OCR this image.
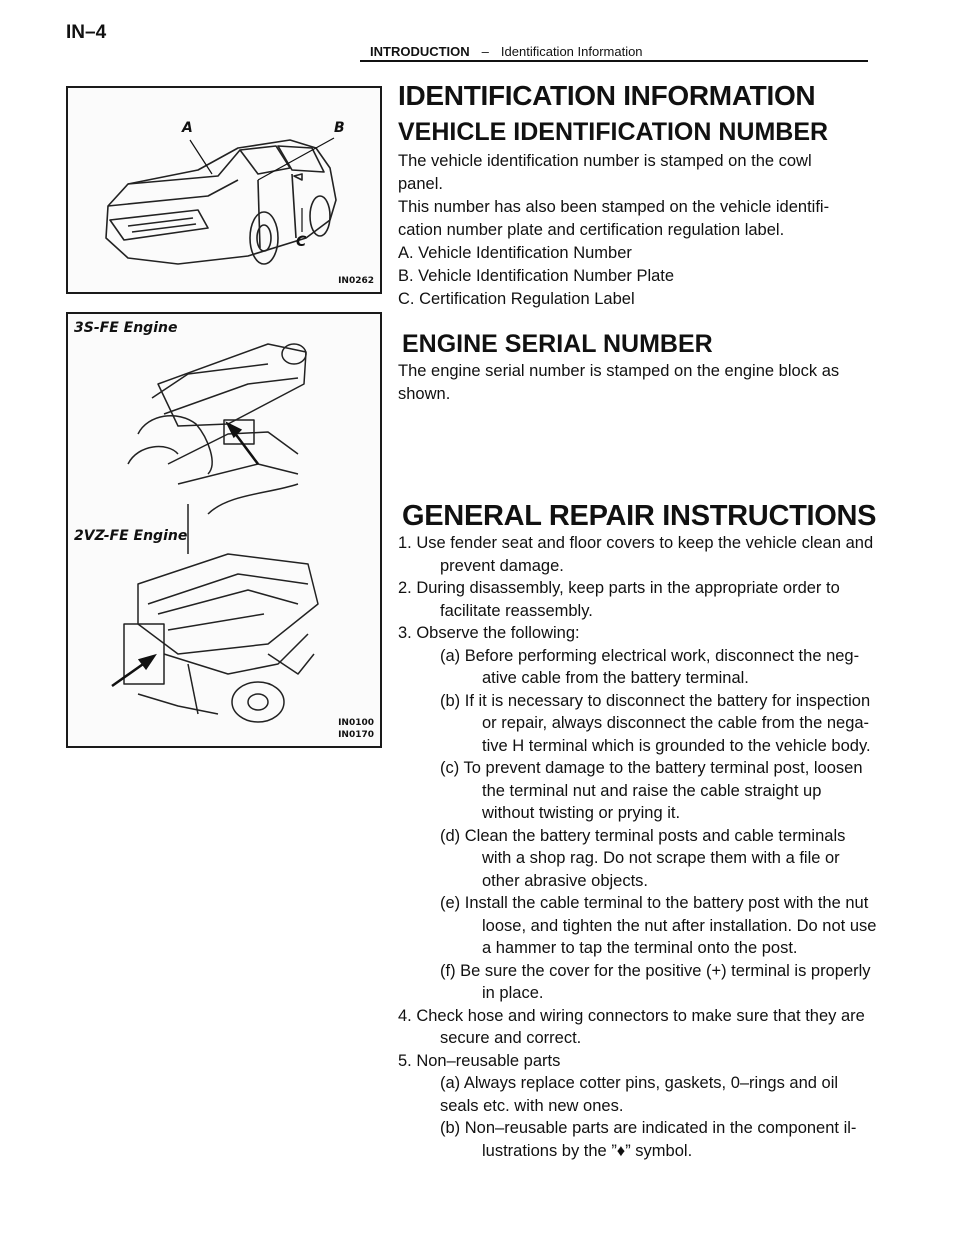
IN–4
INTRODUCTION – Identification Information
A	B
C
IN0262
3S-FE Engine
2VZ-FE Engine
IN0100
IN0170
IDENTIFICATION INFORMATION
VEHICLE IDENTIFICATION NUMBER
The vehicle identification number is stamped on the cowl
panel.
This number has also been stamped on the vehicle identifi-
cation number plate and certification regulation label.
A. Vehicle Identification Number
B. Vehicle Identification Number Plate
C. Certification Regulation Label
ENGINE SERIAL NUMBER
The engine serial number is stamped on the engine block as
shown.
GENERAL REPAIR INSTRUCTIONS
1. Use fender seat and floor covers to keep the vehicle clean and prevent damage.
2. During disassembly, keep parts in the appropriate order to facilitate reassembly.
3. Observe the following:
(a) Before performing electrical work, disconnect the neg-ative cable from the battery terminal.
(b) If it is necessary to disconnect the battery for inspection or repair, always disconnect the cable from the nega-tive H terminal which is grounded to the vehicle body.
(c) To prevent damage to the battery terminal post, loosen the terminal nut and raise the cable straight up without twisting or prying it.
(d) Clean the battery terminal posts and cable terminals with a shop rag. Do not scrape them with a file or other abrasive objects.
(e) Install the cable terminal to the battery post with the nut loose, and tighten the nut after installation. Do not use a hammer to tap the terminal onto the post.
(f) Be sure the cover for the positive (+) terminal is properly in place.
4. Check hose and wiring connectors to make sure that they are secure and correct.
5. Non–reusable parts
(a) Always replace cotter pins, gaskets, 0–rings and oil
seals etc. with new ones.
(b) Non–reusable parts are indicated in the component il-lustrations by the ”♦” symbol.
